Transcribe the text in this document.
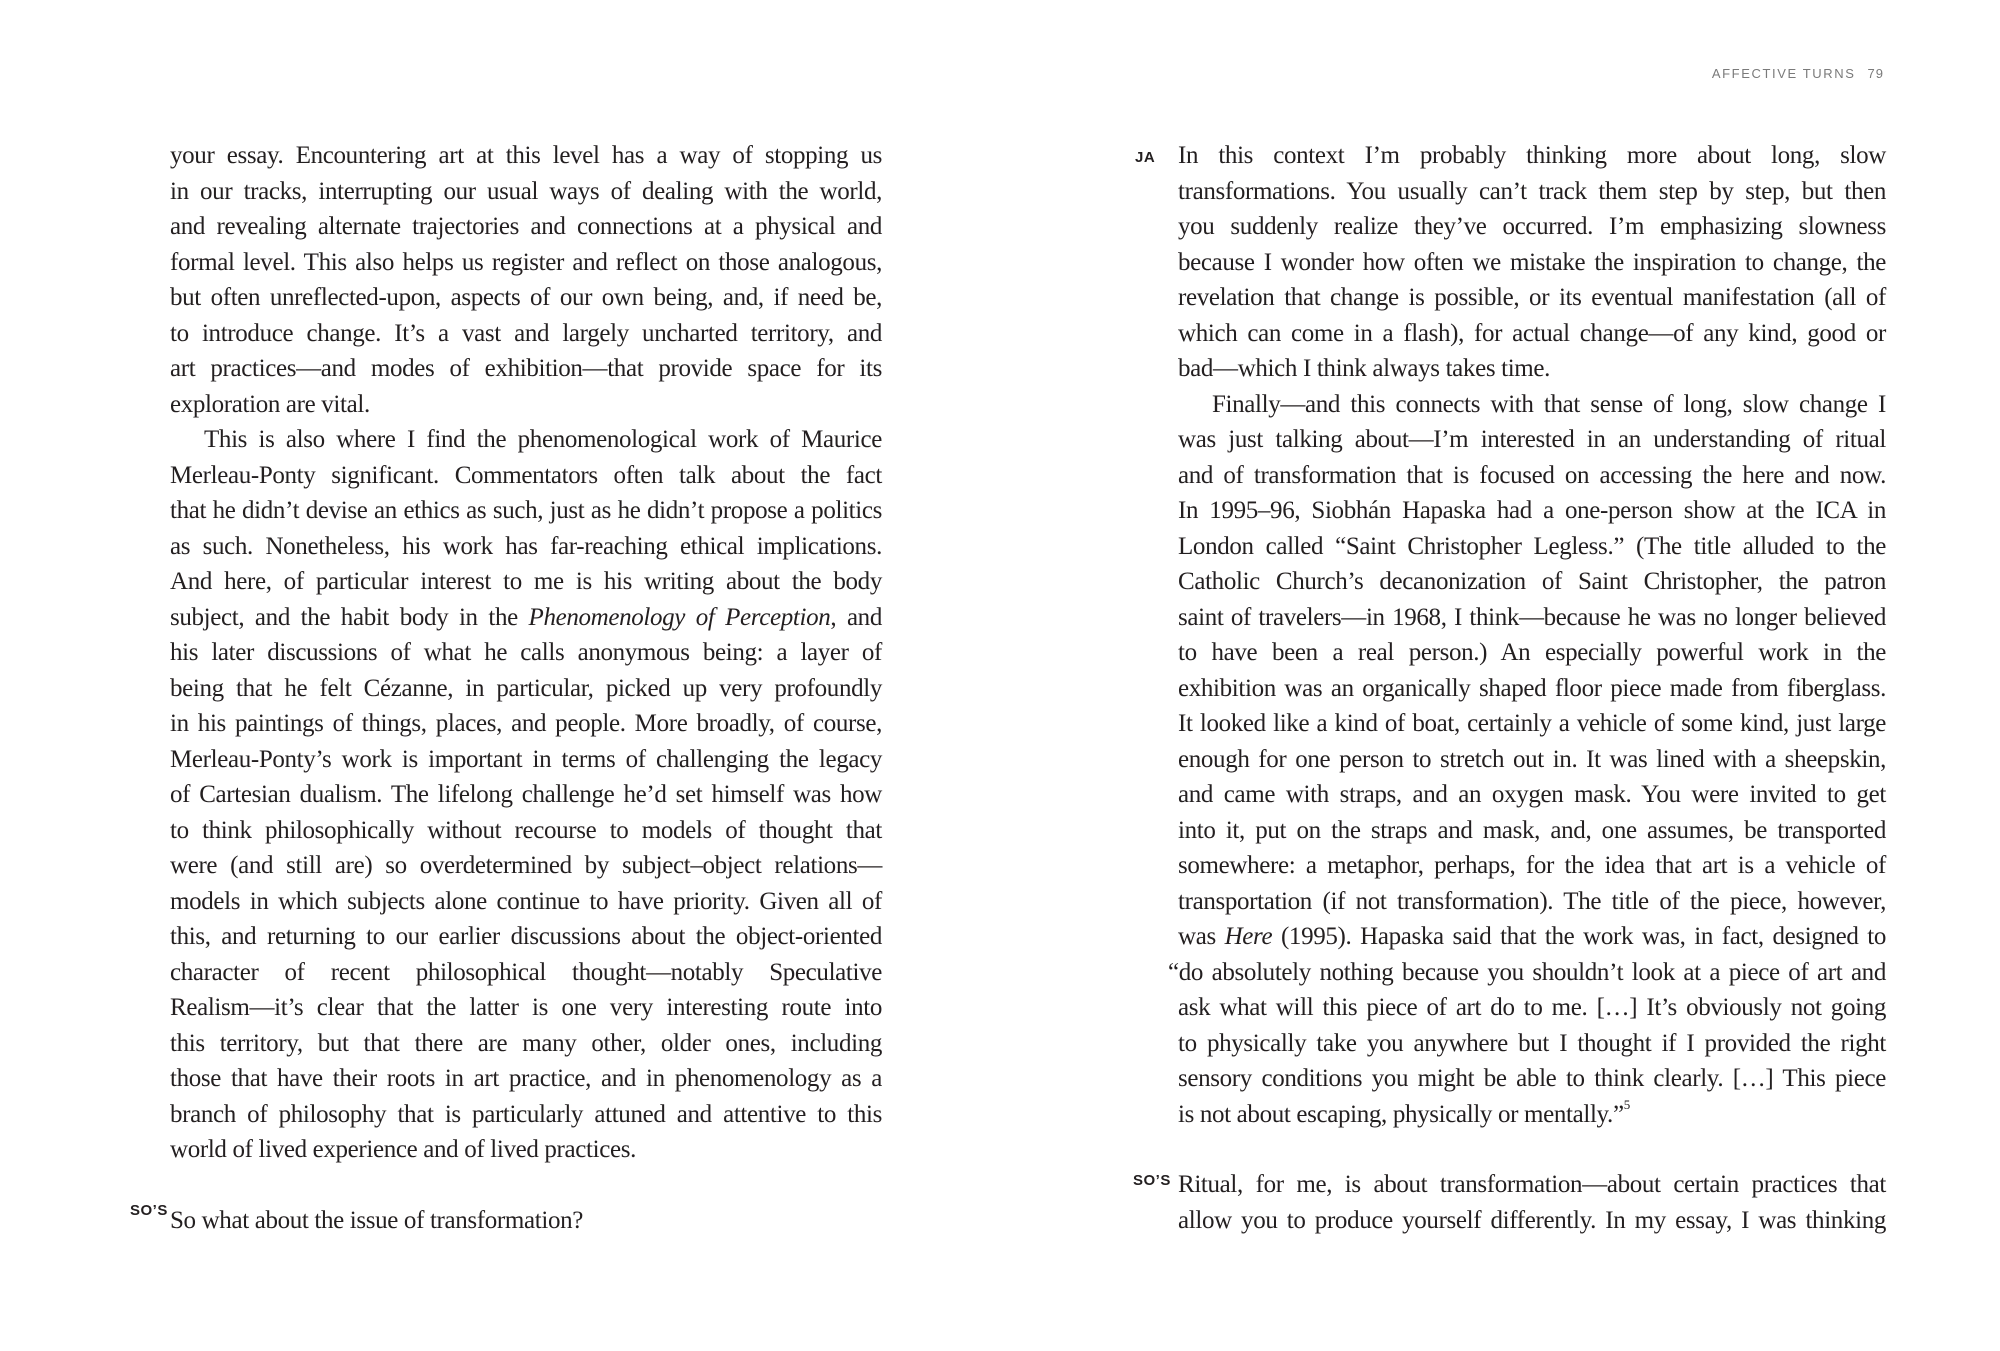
AFFECTIVE TURNS 79
your essay. Encountering art at this level has a way of stopping us
in our tracks, interrupting our usual ways of dealing with the world,
and revealing alternate trajectories and connections at a physical and
formal level. This also helps us register and reflect on those analogous,
but often unreflected-upon, aspects of our own being, and, if need be,
to introduce change. It’s a vast and largely uncharted territory, and
art practices—and modes of exhibition—that provide space for its
exploration are vital.
This is also where I find the phenomenological work of Maurice
Merleau-Ponty significant. Commentators often talk about the fact
that he didn’t devise an ethics as such, just as he didn’t propose a politics
as such. Nonetheless, his work has far-reaching ethical implications.
And here, of particular interest to me is his writing about the body
subject, and the habit body in the Phenomenology of Perception, and
his later discussions of what he calls anonymous being: a layer of
being that he felt Cézanne, in particular, picked up very profoundly
in his paintings of things, places, and people. More broadly, of course,
Merleau-Ponty’s work is important in terms of challenging the legacy
of Cartesian dualism. The lifelong challenge he’d set himself was how
to think philosophically without recourse to models of thought that
were (and still are) so overdetermined by subject–object relations—
models in which subjects alone continue to have priority. Given all of
this, and returning to our earlier discussions about the object-oriented
character of recent philosophical thought—notably Speculative
Realism—it’s clear that the latter is one very interesting route into
this territory, but that there are many other, older ones, including
those that have their roots in art practice, and in phenomenology as a
branch of philosophy that is particularly attuned and attentive to this
world of lived experience and of lived practices.
So what about the issue of transformation?
SO’S
JA In this context I’m probably thinking more about long, slow
transformations. You usually can’t track them step by step, but then
you suddenly realize they’ve occurred. I’m emphasizing slowness
because I wonder how often we mistake the inspiration to change, the
revelation that change is possible, or its eventual manifestation (all of
which can come in a flash), for actual change—of any kind, good or
bad—which I think always takes time.
Finally—and this connects with that sense of long, slow change I
was just talking about—I’m interested in an understanding of ritual
and of transformation that is focused on accessing the here and now.
In 1995–96, Siobhán Hapaska had a one-person show at the ICA in
London called “Saint Christopher Legless.” (The title alluded to the
Catholic Church’s decanonization of Saint Christopher, the patron
saint of travelers—in 1968, I think—because he was no longer believed
to have been a real person.) An especially powerful work in the
exhibition was an organically shaped floor piece made from fiberglass.
It looked like a kind of boat, certainly a vehicle of some kind, just large
enough for one person to stretch out in. It was lined with a sheepskin,
and came with straps, and an oxygen mask. You were invited to get
into it, put on the straps and mask, and, one assumes, be transported
somewhere: a metaphor, perhaps, for the idea that art is a vehicle of
transportation (if not transformation). The title of the piece, however,
was Here (1995). Hapaska said that the work was, in fact, designed to
“do absolutely nothing because you shouldn’t look at a piece of art and
ask what will this piece of art do to me. […] It’s obviously not going
to physically take you anywhere but I thought if I provided the right
sensory conditions you might be able to think clearly. […] This piece
is not about escaping, physically or mentally.”$^5$
Ritual, for me, is about transformation—about certain practices that
allow you to produce yourself differently. In my essay, I was thinking
SO’S
